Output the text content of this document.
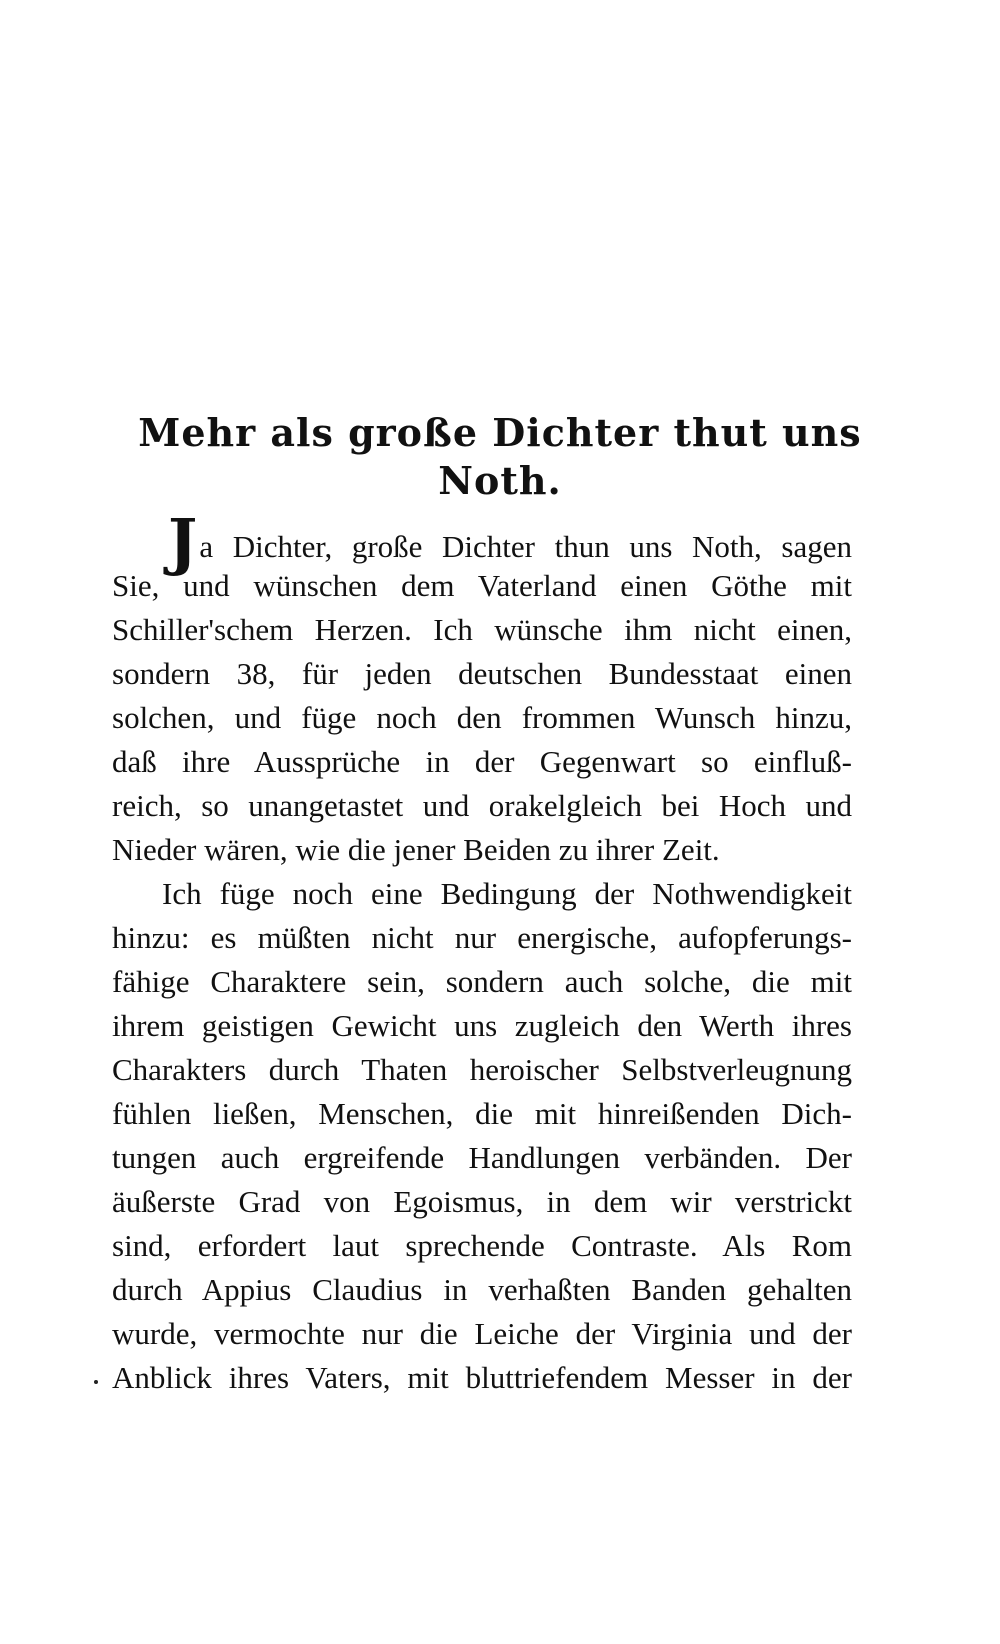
Mehr als große Dichter thut uns
Noth.
Ja Dichter, große Dichter thun uns Noth, sagen
Sie, und wünschen dem Vaterland einen Göthe mit
Schiller'schem Herzen. Ich wünsche ihm nicht einen,
sondern 38, für jeden deutschen Bundesstaat einen
solchen, und füge noch den frommen Wunsch hinzu,
daß ihre Aussprüche in der Gegenwart so einfluß-
reich, so unangetastet und orakelgleich bei Hoch und
Nieder wären, wie die jener Beiden zu ihrer Zeit.
Ich füge noch eine Bedingung der Nothwendigkeit
hinzu: es müßten nicht nur energische, aufopferungs-
fähige Charaktere sein, sondern auch solche, die mit
ihrem geistigen Gewicht uns zugleich den Werth ihres
Charakters durch Thaten heroischer Selbstverleugnung
fühlen ließen, Menschen, die mit hinreißenden Dich-
tungen auch ergreifende Handlungen verbänden. Der
äußerste Grad von Egoismus, in dem wir verstrickt
sind, erfordert laut sprechende Contraste. Als Rom
durch Appius Claudius in verhaßten Banden gehalten
wurde, vermochte nur die Leiche der Virginia und der
Anblick ihres Vaters, mit bluttriefendem Messer in der
